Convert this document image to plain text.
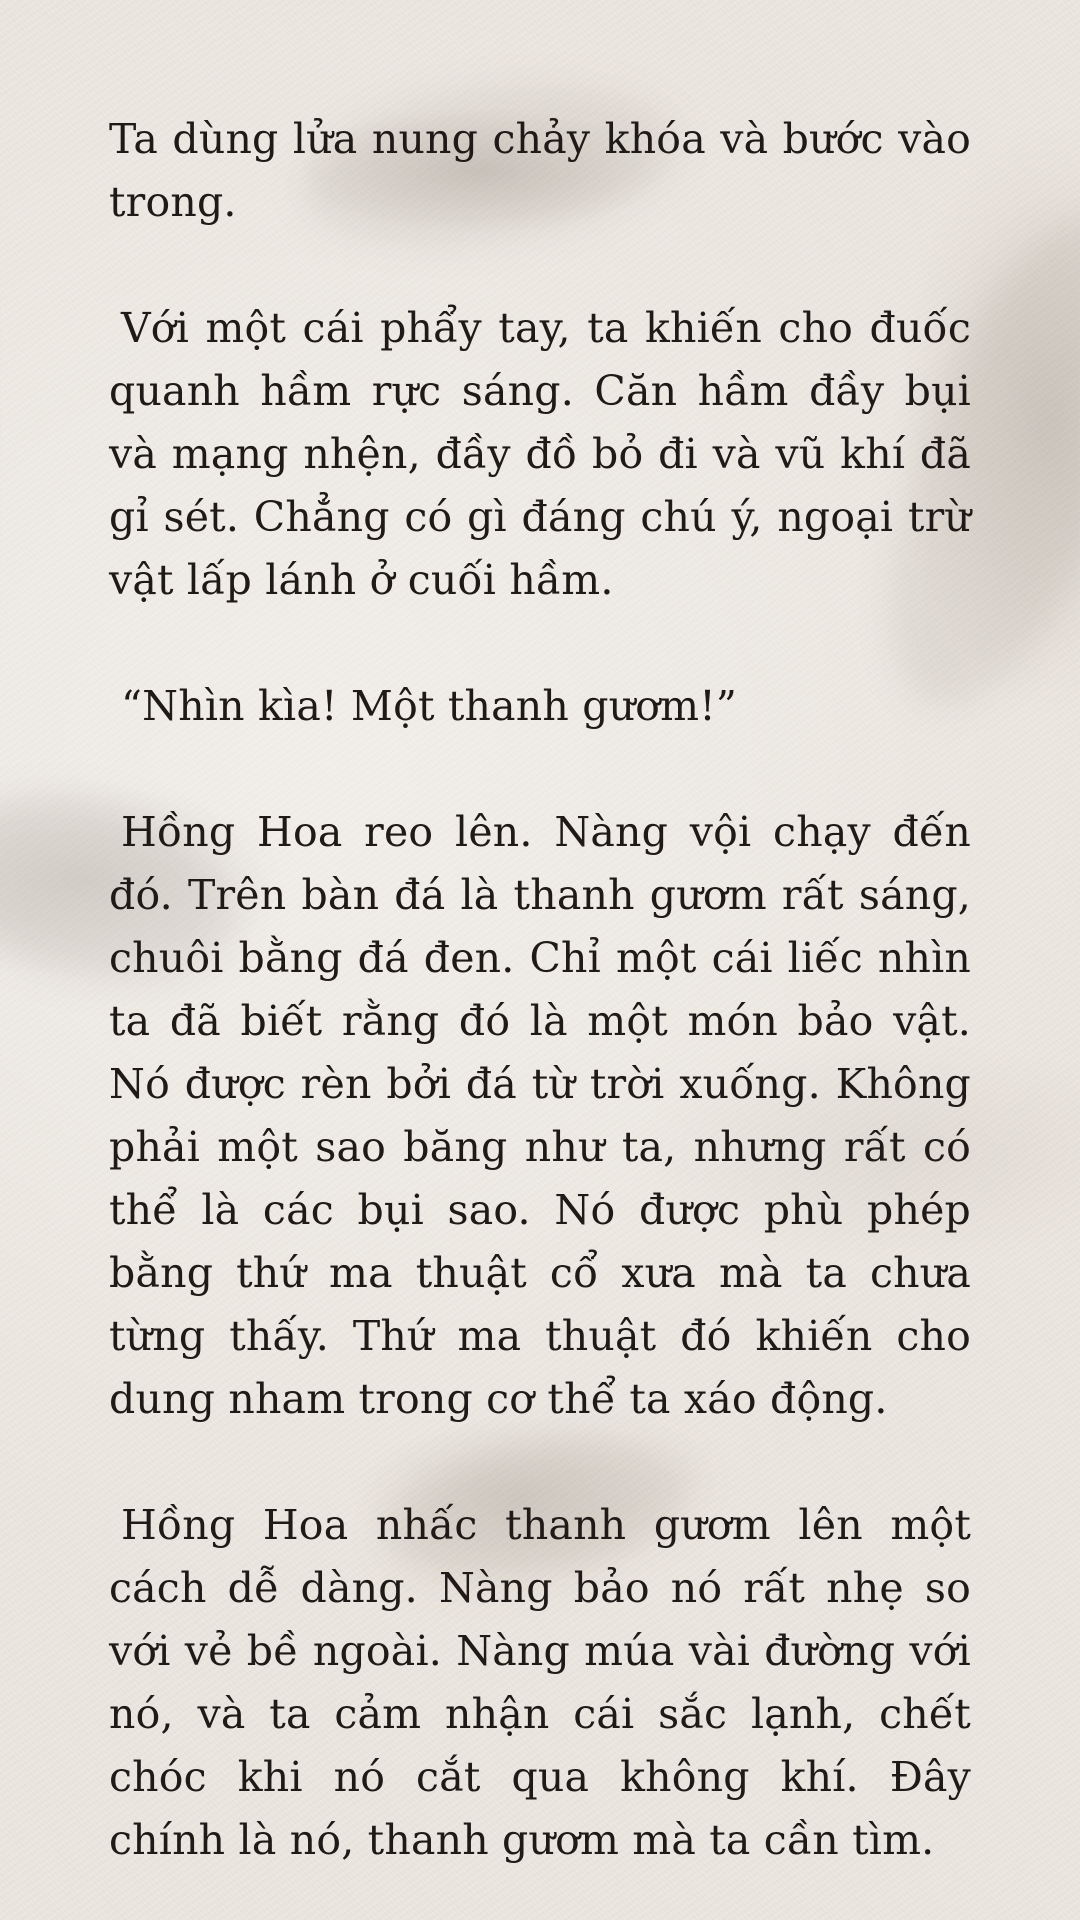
Ta dùng lửa nung chảy khóa và bước vào trong.

Với một cái phẩy tay, ta khiến cho đuốc quanh hầm rực sáng. Căn hầm đầy bụi và mạng nhện, đầy đồ bỏ đi và vũ khí đã gỉ sét. Chẳng có gì đáng chú ý, ngoại trừ vật lấp lánh ở cuối hầm.

“Nhìn kìa! Một thanh gươm!”

Hồng Hoa reo lên. Nàng vội chạy đến đó. Trên bàn đá là thanh gươm rất sáng, chuôi bằng đá đen. Chỉ một cái liếc nhìn ta đã biết rằng đó là một món bảo vật. Nó được rèn bởi đá từ trời xuống. Không phải một sao băng như ta, nhưng rất có thể là các bụi sao. Nó được phù phép bằng thứ ma thuật cổ xưa mà ta chưa từng thấy. Thứ ma thuật đó khiến cho dung nham trong cơ thể ta xáo động.

Hồng Hoa nhấc thanh gươm lên một cách dễ dàng. Nàng bảo nó rất nhẹ so với vẻ bề ngoài. Nàng múa vài đường với nó, và ta cảm nhận cái sắc lạnh, chết chóc khi nó cắt qua không khí. Đây chính là nó, thanh gươm mà ta cần tìm.
